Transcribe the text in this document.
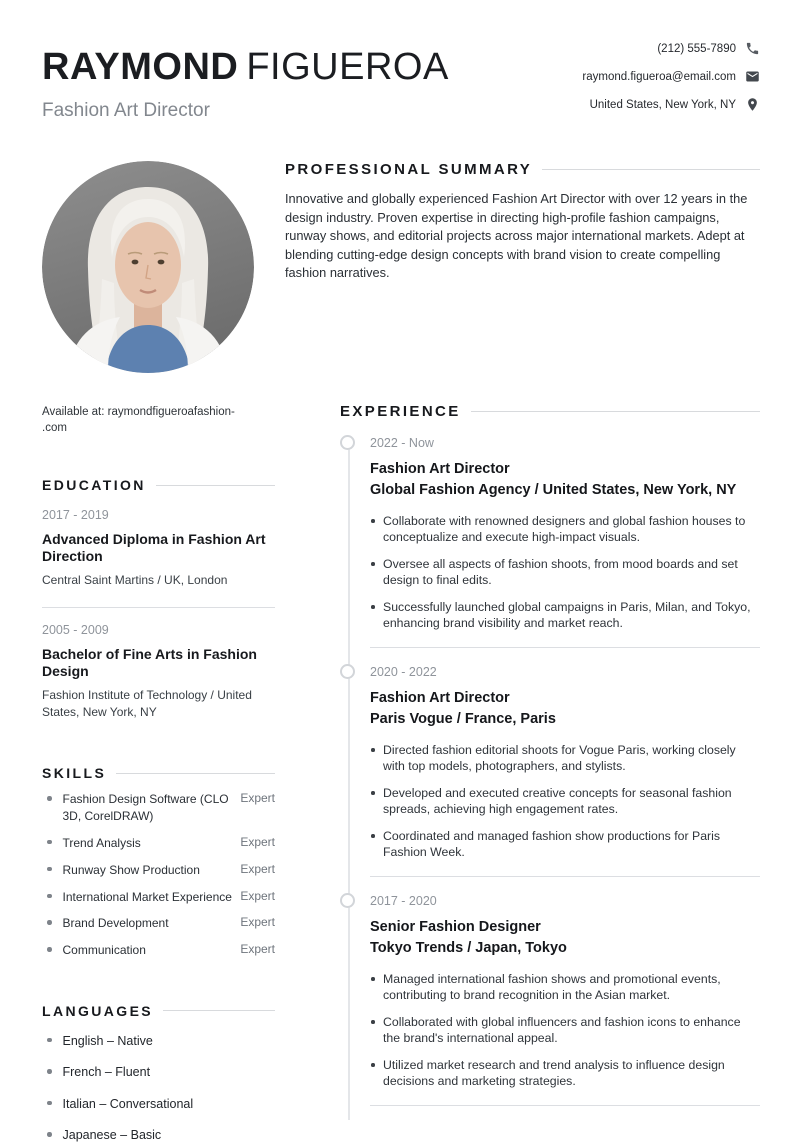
RAYMOND FIGUEROA
Fashion Art Director
(212) 555-7890
raymond.figueroa@email.com
United States, New York, NY
Available at: raymondfigueroafashion-
.com
EDUCATION
2017 - 2019
Advanced Diploma in Fashion Art Direction
Central Saint Martins / UK, London
2005 - 2009
Bachelor of Fine Arts in Fashion Design
Fashion Institute of Technology / United States, New York, NY
SKILLS
Fashion Design Software (CLO 3D, CorelDRAW)
Expert
Trend Analysis	Expert
Runway Show Production	Expert
International Market Experience Expert
Brand Development	Expert
Communication	Expert
LANGUAGES
English – Native
French – Fluent
Italian – Conversational
Japanese – Basic
PROFESSIONAL SUMMARY

Innovative and globally experienced Fashion Art Director with over 12 years in the design industry. Proven expertise in directing high-profile fashion campaigns, runway shows, and editorial projects across major international markets. Adept at blending cutting-edge design concepts with brand vision to create compelling fashion narratives.

EXPERIENCE
2022 - Now
Fashion Art Director
Global Fashion Agency / United States, New York, NY
Collaborate with renowned designers and global fashion houses to conceptualize and execute high-impact visuals.
Oversee all aspects of fashion shoots, from mood boards and set design to final edits.
Successfully launched global campaigns in Paris, Milan, and Tokyo, enhancing brand visibility and market reach.
2020 - 2022
Fashion Art Director
Paris Vogue / France, Paris
Directed fashion editorial shoots for Vogue Paris, working closely with top models, photographers, and stylists.
Developed and executed creative concepts for seasonal fashion spreads, achieving high engagement rates.
Coordinated and managed fashion show productions for Paris Fashion Week.
2017 - 2020
Senior Fashion Designer
Tokyo Trends / Japan, Tokyo
Managed international fashion shows and promotional events, contributing to brand recognition in the Asian market.
Collaborated with global influencers and fashion icons to enhance the brand's international appeal.
Utilized market research and trend analysis to influence design decisions and marketing strategies.
